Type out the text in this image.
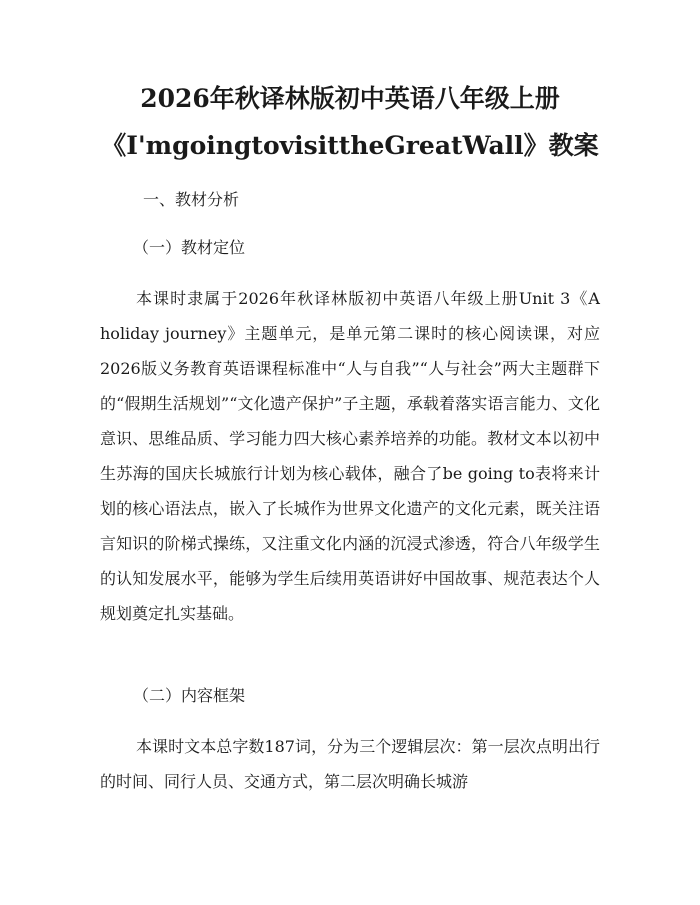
2026年秋译林版初中英语八年级上册
《I'mgoingtovisittheGreatWall》教案
一、教材分析
（一）教材定位
本课时隶属于2026年秋译林版初中英语八年级上册Unit 3《A holiday journey》主题单元，是单元第二课时的核心阅读课，对应2026版义务教育英语课程标准中“人与自我”“人与社会”两大主题群下的“假期生活规划”“文化遗产保护”子主题，承载着落实语言能力、文化意识、思维品质、学习能力四大核心素养培养的功能。教材文本以初中生苏海的国庆长城旅行计划为核心载体，融合了be going to表将来计划的核心语法点，嵌入了长城作为世界文化遗产的文化元素，既关注语言知识的阶梯式操练，又注重文化内涵的沉浸式渗透，符合八年级学生的认知发展水平，能够为学生后续用英语讲好中国故事、规范表达个人规划奠定扎实基础。
（二）内容框架
本课时文本总字数187词，分为三个逻辑层次：第一层次点明出行的时间、同行人员、交通方式，第二层次明确长城游
